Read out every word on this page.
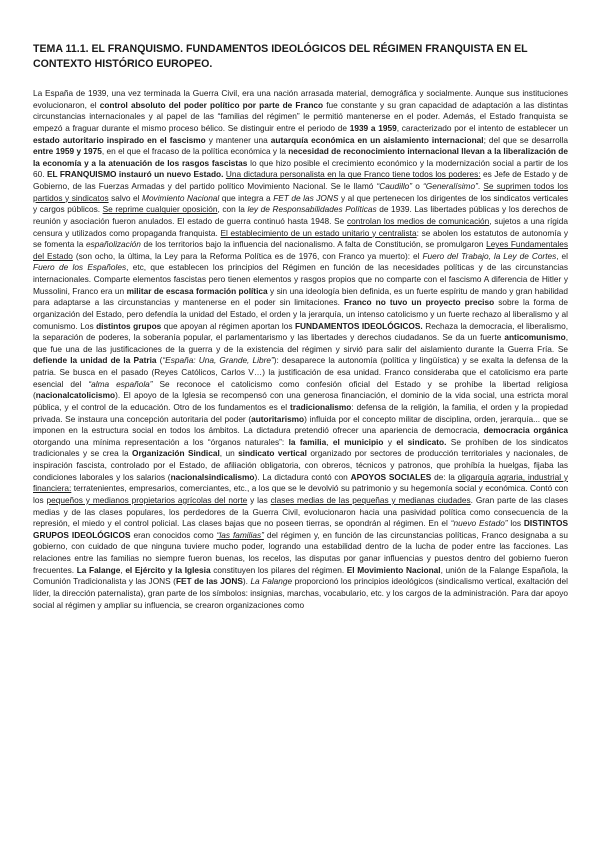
TEMA 11.1. EL FRANQUISMO. FUNDAMENTOS IDEOLÓGICOS DEL RÉGIMEN FRANQUISTA EN EL CONTEXTO HISTÓRICO EUROPEO.

La España de 1939, una vez terminada la Guerra Civil, era una nación arrasada material, demográfica y socialmente. Aunque sus instituciones evolucionaron, el control absoluto del poder político por parte de Franco fue constante y su gran capacidad de adaptación a las distintas circunstancias internacionales y al papel de las “familias del régimen” le permitió mantenerse en el poder. Además, el Estado franquista se empezó a fraguar durante el mismo proceso bélico. Se distinguir entre el periodo de 1939 a 1959, caracterizado por el intento de establecer un estado autoritario inspirado en el fascismo y mantener una autarquía económica en un aislamiento internacional; del que se desarrolla entre 1959 y 1975, en el que el fracaso de la política económica y la necesidad de reconocimiento internacional llevan a la liberalización de la economía y a la atenuación de los rasgos fascistas lo que hizo posible el crecimiento económico y la modernización social a partir de los 60. EL FRANQUISMO instauró un nuevo Estado. Una dictadura personalista en la que Franco tiene todos los poderes: es Jefe de Estado y de Gobierno, de las Fuerzas Armadas y del partido político Movimiento Nacional. Se le llamó “Caudillo” o “Generalísimo”. Se suprimen todos los partidos y sindicatos salvo el Movimiento Nacional que integra a FET de las JONS y al que pertenecen los dirigentes de los sindicatos verticales y cargos públicos. Se reprime cualquier oposición, con la ley de Responsabilidades Políticas de 1939. Las libertades públicas y los derechos de reunión y asociación fueron anulados. El estado de guerra continuó hasta 1948. Se controlan los medios de comunicación, sujetos a una rígida censura y utilizados como propaganda franquista. El establecimiento de un estado unitario y centralista: se abolen los estatutos de autonomía y se fomenta la españolización de los territorios bajo la influencia del nacionalismo. A falta de Constitución, se promulgaron Leyes Fundamentales del Estado (son ocho, la última, la Ley para la Reforma Política es de 1976, con Franco ya muerto): el Fuero del Trabajo, la Ley de Cortes, el Fuero de los Españoles, etc, que establecen los principios del Régimen en función de las necesidades políticas y de las circunstancias internacionales. Comparte elementos fascistas pero tienen elementos y rasgos propios que no comparte con el fascismo A diferencia de Hitler y Mussolini, Franco era un militar de escasa formación política y sin una ideología bien definida, es un fuerte espíritu de mando y gran habilidad para adaptarse a las circunstancias y mantenerse en el poder sin limitaciones. Franco no tuvo un proyecto preciso sobre la forma de organización del Estado, pero defendía la unidad del Estado, el orden y la jerarquía, un intenso catolicismo y un fuerte rechazo al liberalismo y al comunismo. Los distintos grupos que apoyan al régimen aportan los FUNDAMENTOS IDEOLÓGICOS. Rechaza la democracia, el liberalismo, la separación de poderes, la soberanía popular, el parlamentarismo y las libertades y derechos ciudadanos. Se da un fuerte anticomunismo, que fue una de las justificaciones de la guerra y de la existencia del régimen y sirvió para salir del aislamiento durante la Guerra Fría. Se defiende la unidad de la Patria (“España: Una, Grande, Libre”): desaparece la autonomía (política y lingüística) y se exalta la defensa de la patria. Se busca en el pasado (Reyes Católicos, Carlos V…) la justificación de esa unidad. Franco consideraba que el catolicismo era parte esencial del “alma española” Se reconoce el catolicismo como confesión oficial del Estado y se prohíbe la libertad religiosa (nacionalcatolicismo). El apoyo de la Iglesia se recompensó con una generosa financiación, el dominio de la vida social, una estricta moral pública, y el control de la educación. Otro de los fundamentos es el tradicionalismo: defensa de la religión, la familia, el orden y la propiedad privada. Se instaura una concepción autoritaria del poder (autoritarismo) influida por el concepto militar de disciplina, orden, jerarquía... que se imponen en la estructura social en todos los ámbitos. La dictadura pretendió ofrecer una apariencia de democracia, democracia orgánica otorgando una mínima representación a los “órganos naturales”: la familia, el municipio y el sindicato. Se prohíben de los sindicatos tradicionales y se crea la Organización Sindical, un sindicato vertical organizado por sectores de producción territoriales y nacionales, de inspiración fascista, controlado por el Estado, de afiliación obligatoria, con obreros, técnicos y patronos, que prohíbía la huelgas, fijaba las condiciones laborales y los salarios (nacionalsindicalismo). La dictadura contó con APOYOS SOCIALES de: la oligarquía agraria, industrial y financiera: terratenientes, empresarios, comerciantes, etc., a los que se le devolvió su patrimonio y su hegemonía social y económica. Contó con los pequeños y medianos propietarios agrícolas del norte y las clases medias de las pequeñas y medianas ciudades. Gran parte de las clases medias y de las clases populares, los perdedores de la Guerra Civil, evolucionaron hacia una pasividad política como consecuencia de la represión, el miedo y el control policial. Las clases bajas que no poseen tierras, se opondrán al régimen. En el “nuevo Estado” los DISTINTOS GRUPOS IDEOLÓGICOS eran conocidos como “las familias” del régimen y, en función de las circunstancias políticas, Franco designaba a su gobierno, con cuidado de que ninguna tuviere mucho poder, logrando una estabilidad dentro de la lucha de poder entre las facciones. Las relaciones entre las familias no siempre fueron buenas, los recelos, las disputas por ganar influencias y puestos dentro del gobierno fueron frecuentes. La Falange, el Ejército y la Iglesia constituyen los pilares del régimen. El Movimiento Nacional, unión de la Falange Española, la Comunión Tradicionalista y las JONS (FET de las JONS). La Falange proporcionó los principios ideológicos (sindicalismo vertical, exaltación del líder, la dirección paternalista), gran parte de los símbolos: insignias, marchas, vocabulario, etc. y los cargos de la administración. Para dar apoyo social al régimen y ampliar su influencia, se crearon organizaciones como
